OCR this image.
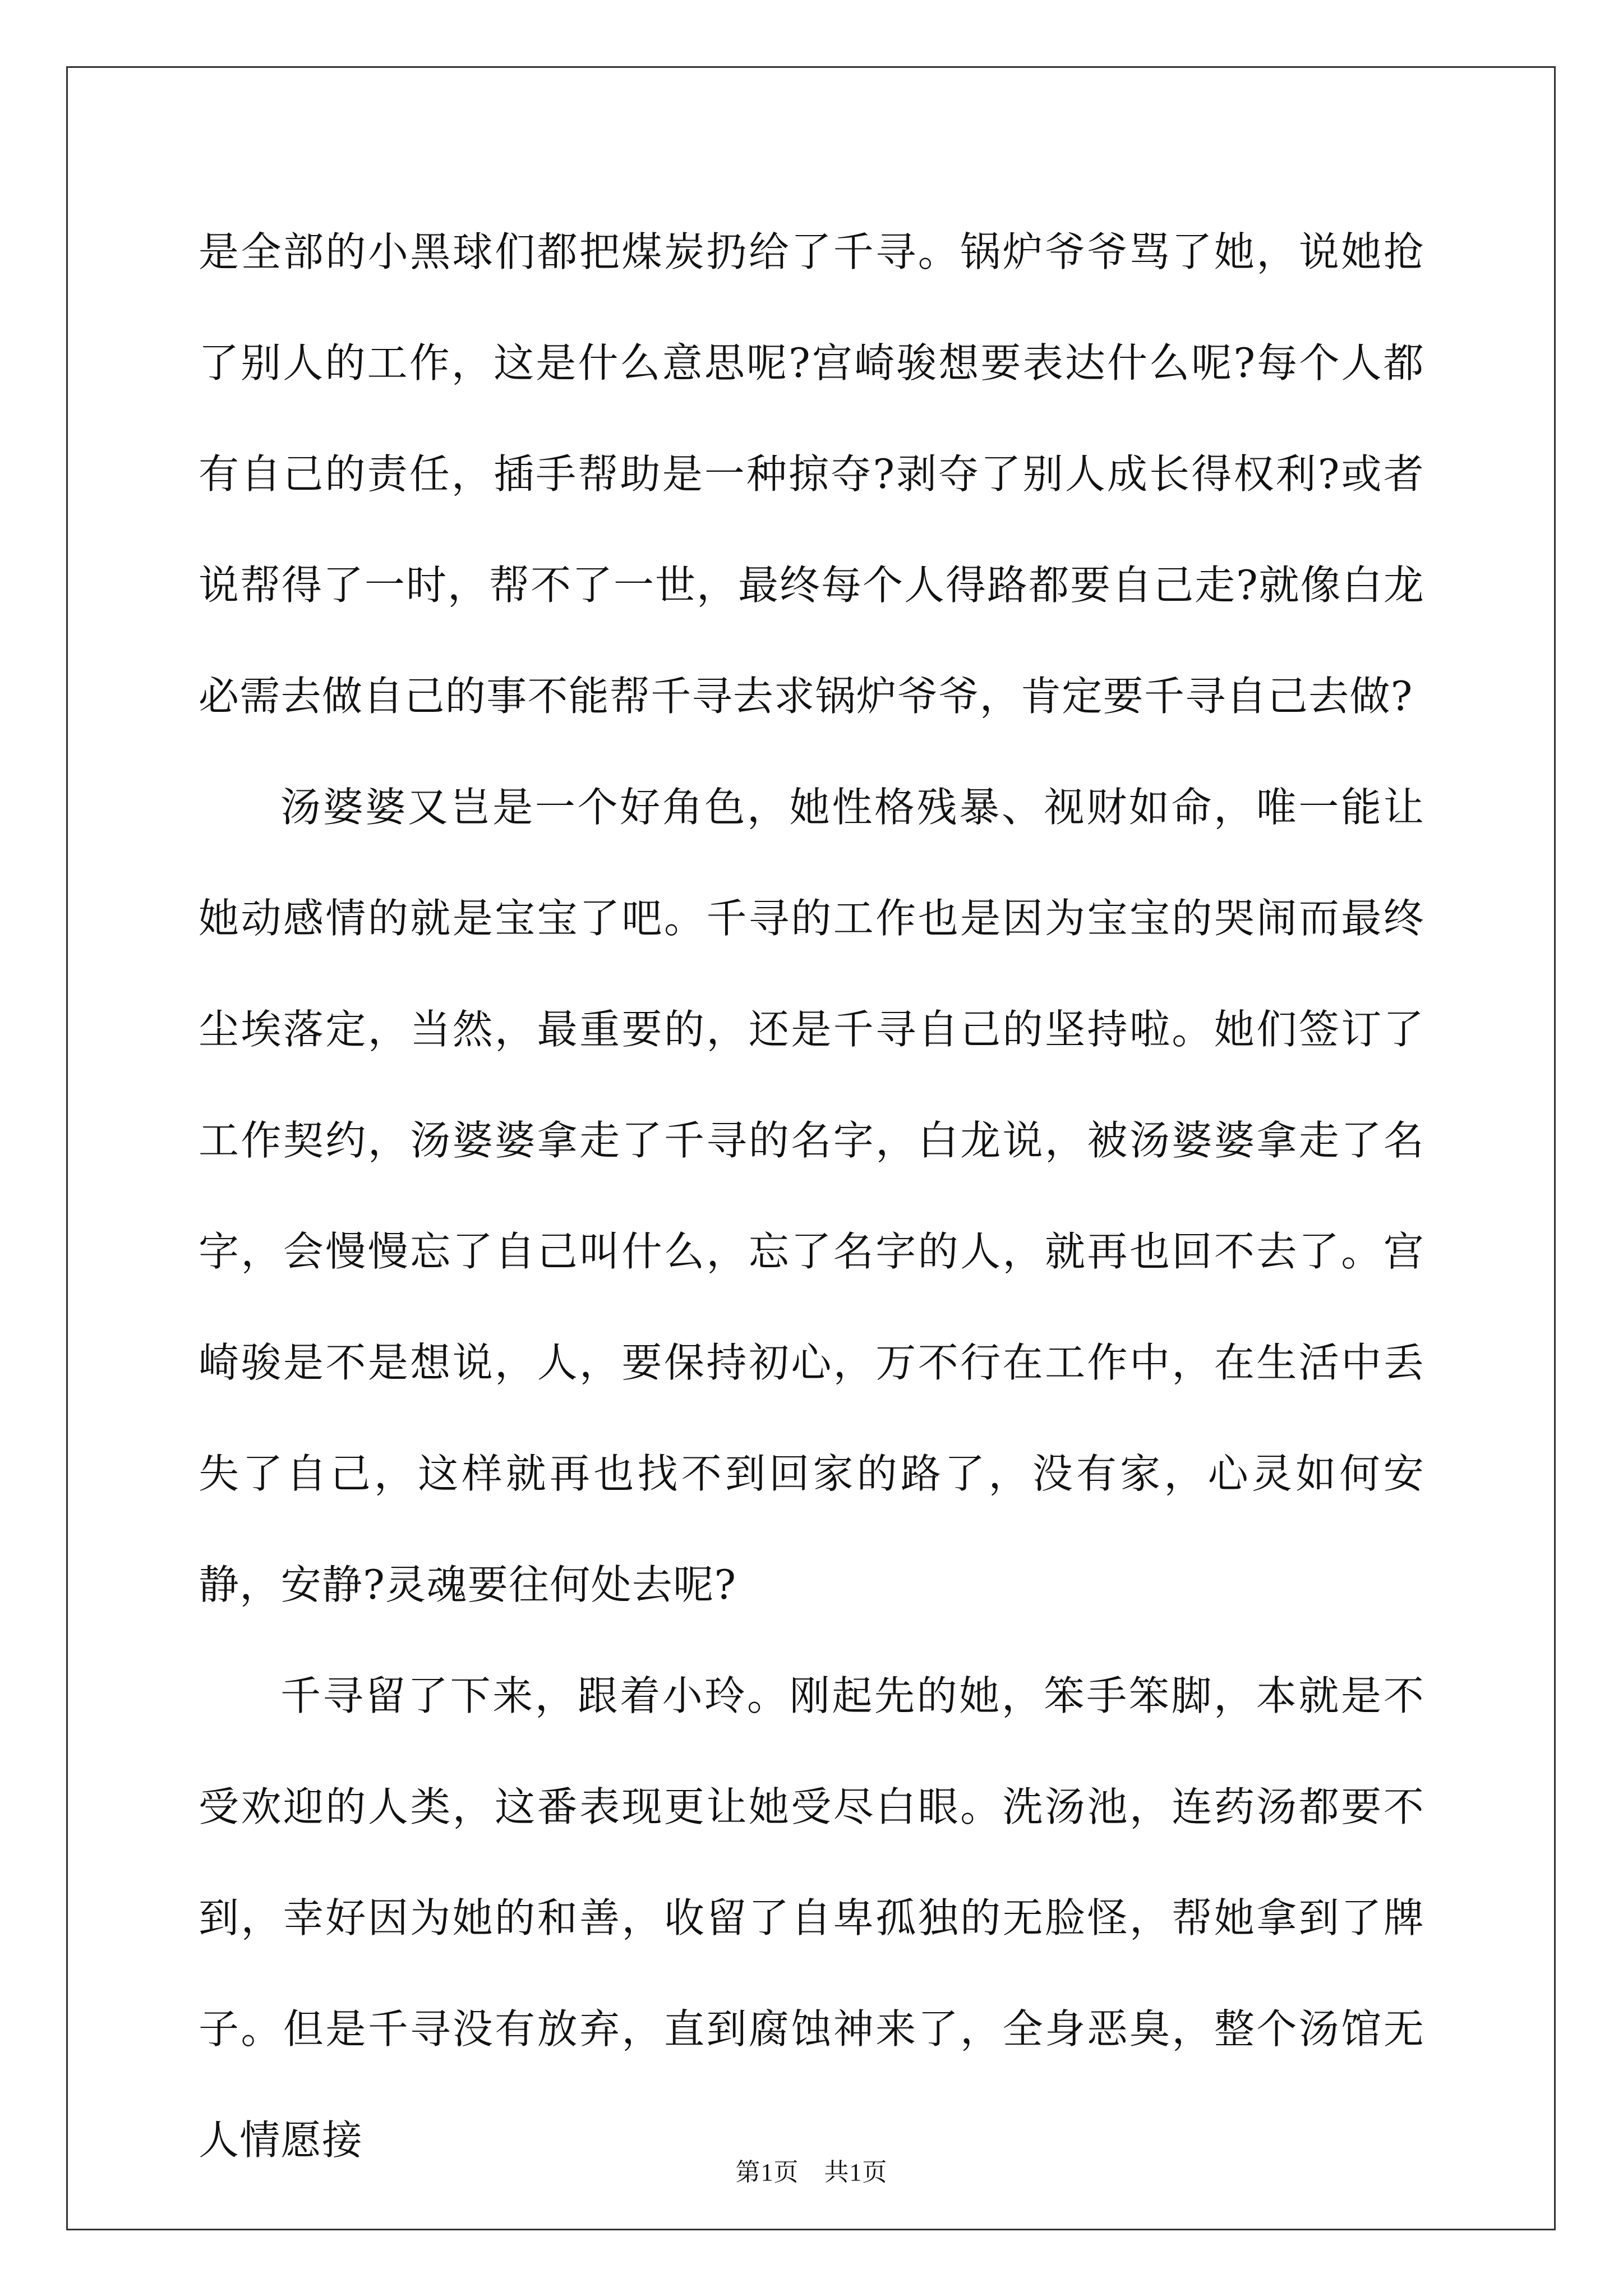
是全部的小黑球们都把煤炭扔给了千寻。锅炉爷爷骂了她，说她抢了别人的工作，这是什么意思呢?宫崎骏想要表达什么呢?每个人都有自己的责任，插手帮助是一种掠夺?剥夺了别人成长得权利?或者说帮得了一时，帮不了一世，最终每个人得路都要自己走?就像白龙必需去做自己的事不能帮千寻去求锅炉爷爷，肯定要千寻自己去做?

汤婆婆又岂是一个好角色，她性格残暴、视财如命，唯一能让她动感情的就是宝宝了吧。千寻的工作也是因为宝宝的哭闹而最终尘埃落定，当然，最重要的，还是千寻自己的坚持啦。她们签订了工作契约，汤婆婆拿走了千寻的名字，白龙说，被汤婆婆拿走了名字，会慢慢忘了自己叫什么，忘了名字的人，就再也回不去了。宫崎骏是不是想说，人，要保持初心，万不行在工作中，在生活中丢失了自己，这样就再也找不到回家的路了，没有家，心灵如何安静，安静?灵魂要往何处去呢?

千寻留了下来，跟着小玲。刚起先的她，笨手笨脚，本就是不受欢迎的人类，这番表现更让她受尽白眼。洗汤池，连药汤都要不到，幸好因为她的和善，收留了自卑孤独的无脸怪，帮她拿到了牌子。但是千寻没有放弃，直到腐蚀神来了，全身恶臭，整个汤馆无人情愿接

第1页　共1页
